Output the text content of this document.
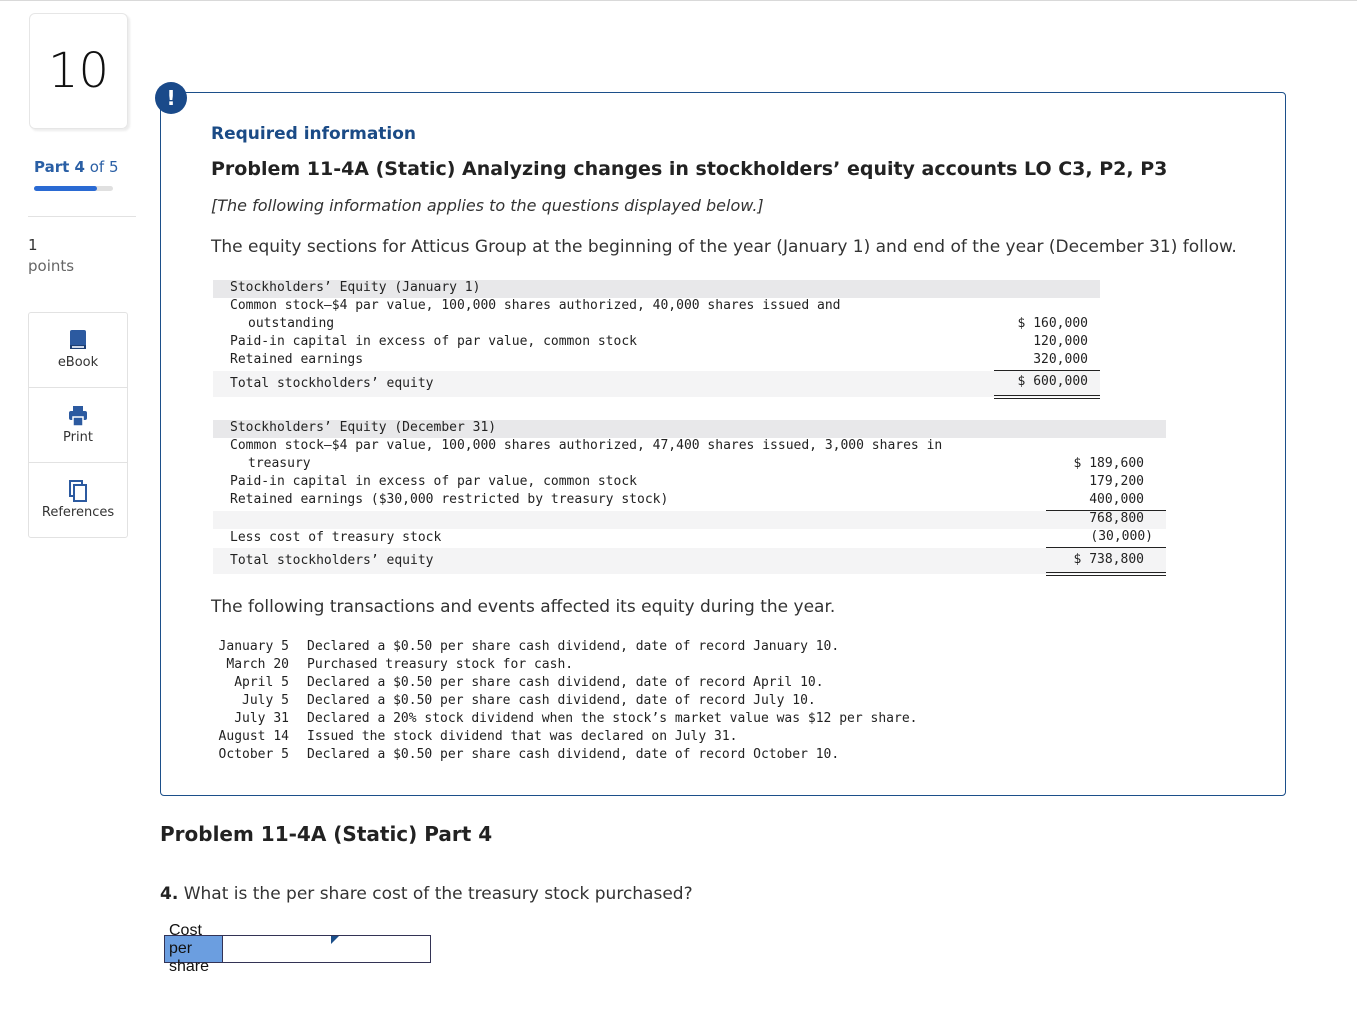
10
Part 4 of 5
1
points
eBook
Print
References
!
Required information
Problem 11-4A (Static) Analyzing changes in stockholders’ equity accounts LO C3, P2, P3
[The following information applies to the questions displayed below.]
The equity sections for Atticus Group at the beginning of the year (January 1) and end of the year (December 31) follow.
Stockholders’ Equity (January 1)
Common stock—$4 par value, 100,000 shares authorized, 40,000 shares issued and
outstanding	$ 160,000
Paid-in capital in excess of par value, common stock	120,000
Retained earnings	320,000
Total stockholders’ equity	$ 600,000
Stockholders’ Equity (December 31)
Common stock—$4 par value, 100,000 shares authorized, 47,400 shares issued, 3,000 shares in
treasury	$ 189,600
Paid-in capital in excess of par value, common stock	179,200
Retained earnings ($30,000 restricted by treasury stock)	400,000
768,800
Less cost of treasury stock	(30,000)
Total stockholders’ equity	$ 738,800
The following transactions and events affected its equity during the year.
January 5 Declared a $0.50 per share cash dividend, date of record January 10.
March 20 Purchased treasury stock for cash.
April 5 Declared a $0.50 per share cash dividend, date of record April 10.
July 5 Declared a $0.50 per share cash dividend, date of record July 10.
July 31 Declared a 20% stock dividend when the stock’s market value was $12 per share.
August 14 Issued the stock dividend that was declared on July 31.
October 5 Declared a $0.50 per share cash dividend, date of record October 10.
Problem 11-4A (Static) Part 4
4. What is the per share cost of the treasury stock purchased?
Cost per share
